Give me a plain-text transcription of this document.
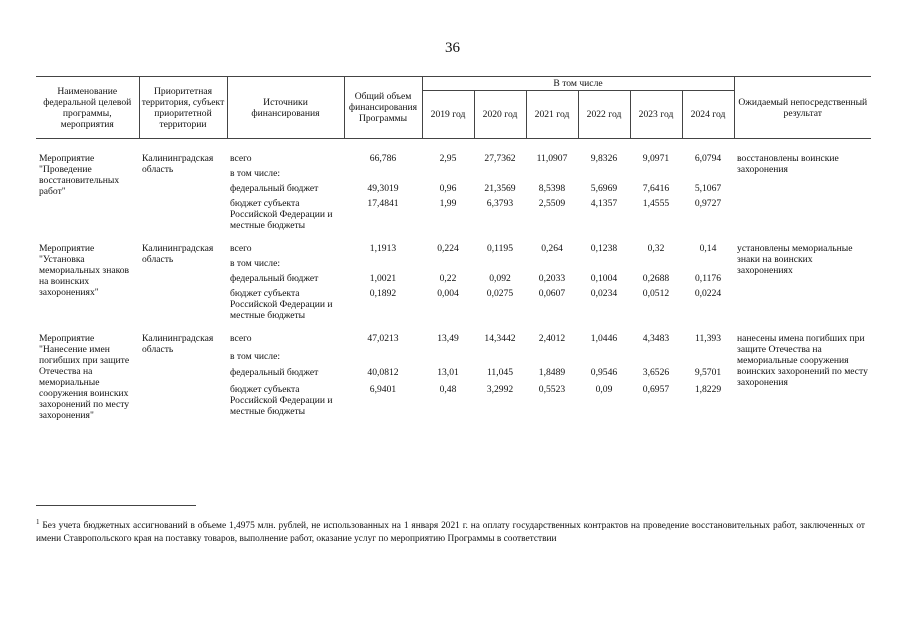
36
Наименование федеральной целевой программы, мероприятия	Приоритетная территория, субъект приоритетной территории	Источники финансирования	Общий объем финансирования Программы	В том числе						Ожидаемый непосредственный результат
				2019 год	2020 год	2021 год	2022 год	2023 год	2024 год	
Мероприятие "Проведение восстановительных работ"	Калининградская область	всего	66,786	2,95	27,7362	11,0907	9,8326	9,0971	6,0794	восстановлены воинские захоронения
		в том числе:								
		федеральный бюджет	49,3019	0,96	21,3569	8,5398	5,6969	7,6416	5,1067	
		бюджет субъекта Российской Федерации и местные бюджеты	17,4841	1,99	6,3793	2,5509	4,1357	1,4555	0,9727	
Мероприятие "Установка мемориальных знаков на воинских захоронениях"	Калининградская область	всего	1,1913	0,224	0,1195	0,264	0,1238	0,32	0,14	установлены мемориальные знаки на воинских захоронениях
		в том числе:								
		федеральный бюджет	1,0021	0,22	0,092	0,2033	0,1004	0,2688	0,1176	
		бюджет субъекта Российской Федерации и местные бюджеты	0,1892	0,004	0,0275	0,0607	0,0234	0,0512	0,0224	
Мероприятие "Нанесение имен погибших при защите Отечества на мемориальные сооружения воинских захоронений по месту захоронения"	Калининградская область	всего	47,0213	13,49	14,3442	2,4012	1,0446	4,3483	11,393	нанесены имена погибших при защите Отечества на мемориальные сооружения воинских захоронений по месту захоронения
		в том числе:								
		федеральный бюджет	40,0812	13,01	11,045	1,8489	0,9546	3,6526	9,5701	
		бюджет субъекта Российской Федерации и местные бюджеты	6,9401	0,48	3,2992	0,5523	0,09	0,6957	1,8229	
$^1$ Без учета бюджетных ассигнований в объеме 1,4975 млн. рублей, не использованных на 1 января 2021 г. на оплату государственных контрактов на проведение восстановительных работ, заключенных от имени Ставропольского края на поставку товаров, выполнение работ, оказание услуг по мероприятию Программы в соответствии
